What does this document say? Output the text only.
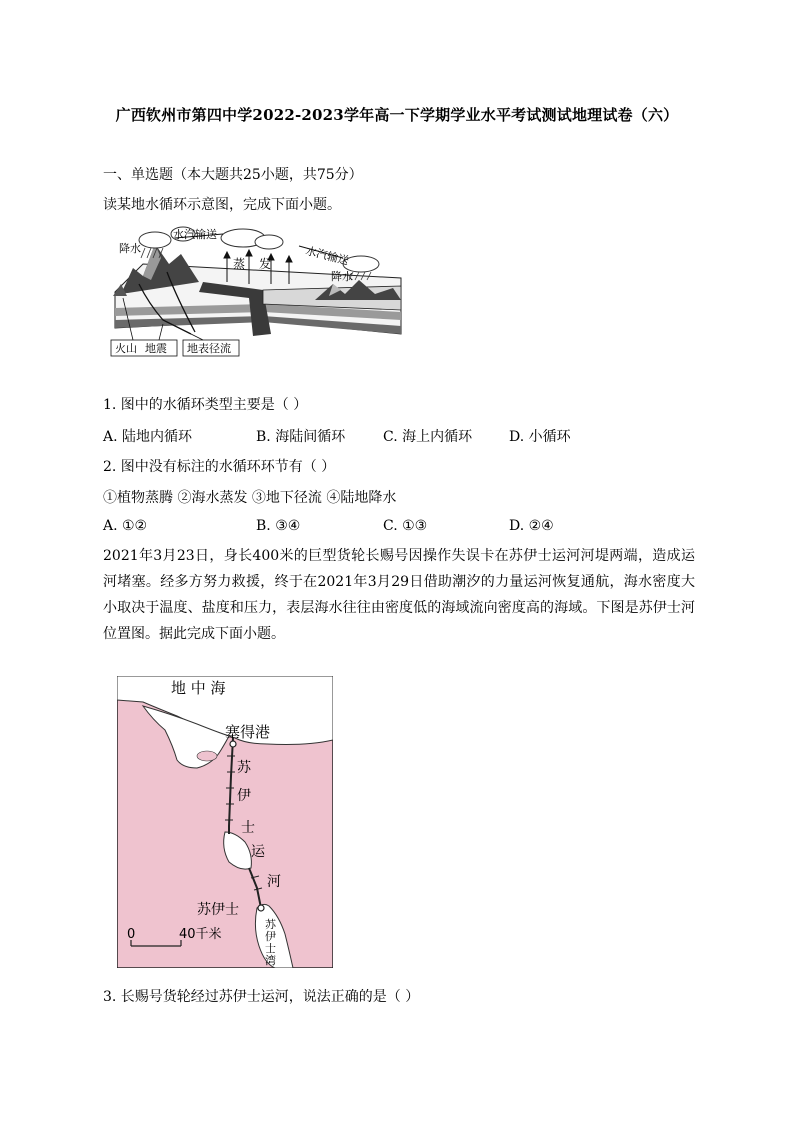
广西钦州市第四中学2022-2023学年高一下学期学业水平考试测试地理试卷（六）
一、单选题（本大题共25小题，共75分）
读某地水循环示意图，完成下面小题。
降水
水汽输送
蒸 发	水汽输送
降水
火山 地震 地表径流
1. 图中的水循环类型主要是（ ）
A. 陆地内循环	B. 海陆间循环	C. 海上内循环	D. 小循环
2. 图中没有标注的水循环环节有（ ）
①植物蒸腾 ②海水蒸发 ③地下径流 ④陆地降水
A. ①②	B. ③④	C. ①③	D. ②④
2021年3月23日，身长400米的巨型货轮长赐号因操作失误卡在苏伊士运河河堤两端，造成运河堵塞。经多方努力救援，终于在2021年3月29日借助潮汐的力量运河恢复通航，海水密度大小取决于温度、盐度和压力，表层海水往往由密度低的海域流向密度高的海域。下图是苏伊士河位置图。据此完成下面小题。
地 中 海
塞得港
苏
伊
士
运
河
苏伊士
苏
伊
士
湾
0	40千米
3. 长赐号货轮经过苏伊士运河，说法正确的是（ ）
